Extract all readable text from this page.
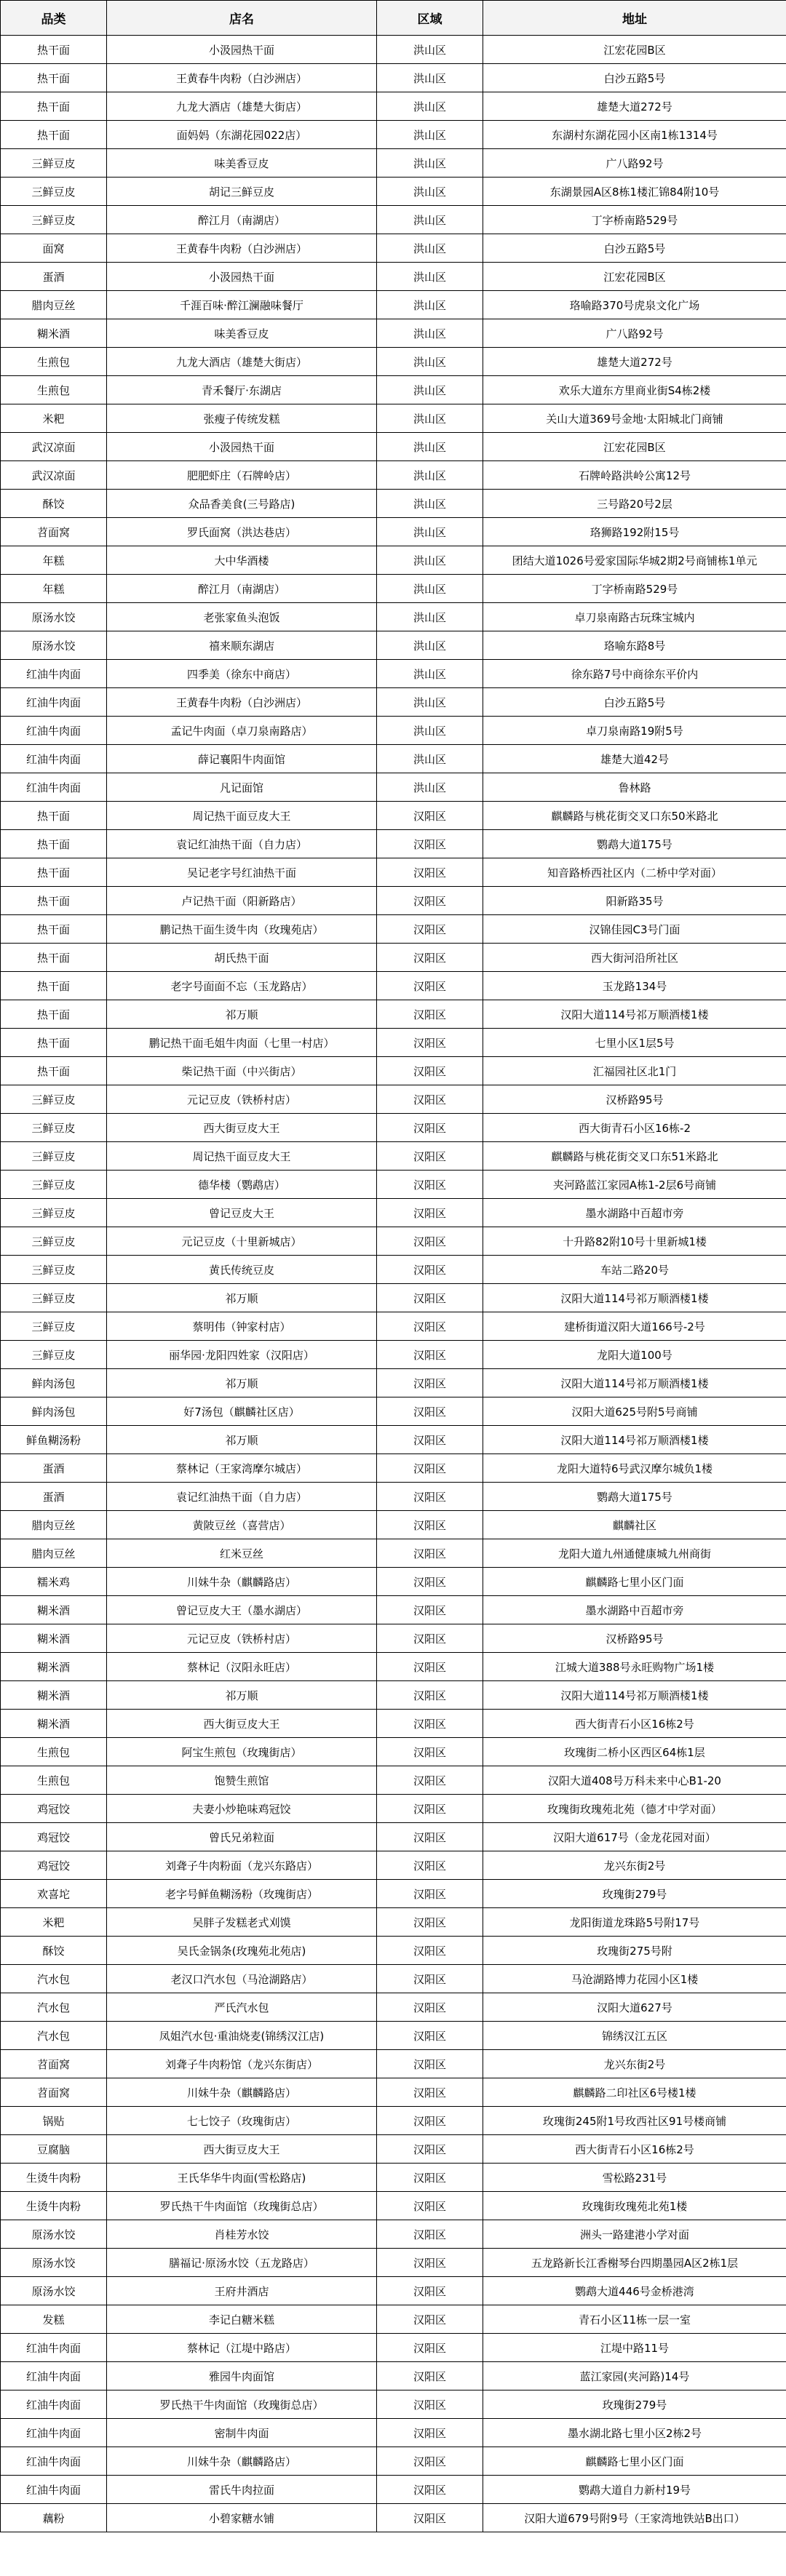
品类	店名	区域	地址
热干面	小汲园热干面	洪山区	江宏花园B区
热干面	王黄春牛肉粉（白沙洲店）	洪山区	白沙五路5号
热干面	九龙大酒店（雄楚大街店）	洪山区	雄楚大道272号
热干面	面妈妈（东湖花园022店）	洪山区	东湖村东湖花园小区南1栋1314号
三鲜豆皮	味美香豆皮	洪山区	广八路92号
三鲜豆皮	胡记三鲜豆皮	洪山区	东湖景园A区8栋1楼汇锦84附10号
三鲜豆皮	醉江月（南湖店）	洪山区	丁字桥南路529号
面窝	王黄春牛肉粉（白沙洲店）	洪山区	白沙五路5号
蛋酒	小汲园热干面	洪山区	江宏花园B区
腊肉豆丝	千涯百味·醉江澜融味餐厅	洪山区	珞喻路370号虎泉文化广场
糊米酒	味美香豆皮	洪山区	广八路92号
生煎包	九龙大酒店（雄楚大街店）	洪山区	雄楚大道272号
生煎包	青禾餐厅·东湖店	洪山区	欢乐大道东方里商业街S4栋2楼
米粑	张瘦子传统发糕	洪山区	关山大道369号金地·太阳城北门商铺
武汉凉面	小汲园热干面	洪山区	江宏花园B区
武汉凉面	肥肥虾庄（石牌岭店）	洪山区	石牌岭路洪岭公寓12号
酥饺	众品香美食(三号路店)	洪山区	三号路20号2层
苕面窝	罗氏面窝（洪达巷店）	洪山区	珞狮路192附15号
年糕	大中华酒楼	洪山区	团结大道1026号爱家国际华城2期2号商铺栋1单元
年糕	醉江月（南湖店）	洪山区	丁字桥南路529号
原汤水饺	老张家鱼头泡饭	洪山区	卓刀泉南路古玩珠宝城内
原汤水饺	禧来顺东湖店	洪山区	珞喻东路8号
红油牛肉面	四季美（徐东中商店）	洪山区	徐东路7号中商徐东平价内
红油牛肉面	王黄春牛肉粉（白沙洲店）	洪山区	白沙五路5号
红油牛肉面	孟记牛肉面（卓刀泉南路店）	洪山区	卓刀泉南路19附5号
红油牛肉面	薛记襄阳牛肉面馆	洪山区	雄楚大道42号
红油牛肉面	凡记面馆	洪山区	鲁林路
热干面	周记热干面豆皮大王	汉阳区	麒麟路与桃花街交叉口东50米路北
热干面	袁记红油热干面（自力店）	汉阳区	鹦鹉大道175号
热干面	吴记老字号红油热干面	汉阳区	知音路桥西社区内（二桥中学对面）
热干面	卢记热干面（阳新路店）	汉阳区	阳新路35号
热干面	鹏记热干面生烫牛肉（玫瑰苑店）	汉阳区	汉锦佳园C3号门面
热干面	胡氏热干面	汉阳区	西大街河沿所社区
热干面	老字号面面不忘（玉龙路店）	汉阳区	玉龙路134号
热干面	祁万顺	汉阳区	汉阳大道114号祁万顺酒楼1楼
热干面	鹏记热干面毛姐牛肉面（七里一村店）	汉阳区	七里小区1层5号
热干面	柴记热干面（中兴街店）	汉阳区	汇福园社区北1门
三鲜豆皮	元记豆皮（铁桥村店）	汉阳区	汉桥路95号
三鲜豆皮	西大街豆皮大王	汉阳区	西大街青石小区16栋-2
三鲜豆皮	周记热干面豆皮大王	汉阳区	麒麟路与桃花街交叉口东51米路北
三鲜豆皮	德华楼（鹦鹉店）	汉阳区	夹河路蓝江家园A栋1-2层6号商铺
三鲜豆皮	曾记豆皮大王	汉阳区	墨水湖路中百超市旁
三鲜豆皮	元记豆皮（十里新城店）	汉阳区	十升路82附10号十里新城1楼
三鲜豆皮	黄氏传统豆皮	汉阳区	车站二路20号
三鲜豆皮	祁万顺	汉阳区	汉阳大道114号祁万顺酒楼1楼
三鲜豆皮	蔡明伟（钟家村店）	汉阳区	建桥街道汉阳大道166号-2号
三鲜豆皮	丽华园·龙阳四姓家（汉阳店）	汉阳区	龙阳大道100号
鲜肉汤包	祁万顺	汉阳区	汉阳大道114号祁万顺酒楼1楼
鲜肉汤包	好7汤包（麒麟社区店）	汉阳区	汉阳大道625号附5号商铺
鲜鱼糊汤粉	祁万顺	汉阳区	汉阳大道114号祁万顺酒楼1楼
蛋酒	蔡林记（王家湾摩尔城店）	汉阳区	龙阳大道特6号武汉摩尔城负1楼
蛋酒	袁记红油热干面（自力店）	汉阳区	鹦鹉大道175号
腊肉豆丝	黄陂豆丝（喜营店）	汉阳区	麒麟社区
腊肉豆丝	红米豆丝	汉阳区	龙阳大道九州通健康城九州商街
糯米鸡	川妹牛杂（麒麟路店）	汉阳区	麒麟路七里小区门面
糊米酒	曾记豆皮大王（墨水湖店）	汉阳区	墨水湖路中百超市旁
糊米酒	元记豆皮（铁桥村店）	汉阳区	汉桥路95号
糊米酒	蔡林记（汉阳永旺店）	汉阳区	江城大道388号永旺购物广场1楼
糊米酒	祁万顺	汉阳区	汉阳大道114号祁万顺酒楼1楼
糊米酒	西大街豆皮大王	汉阳区	西大街青石小区16栋2号
生煎包	阿宝生煎包（玫瑰街店）	汉阳区	玫瑰街二桥小区西区64栋1层
生煎包	饱赞生煎馆	汉阳区	汉阳大道408号万科未来中心B1-20
鸡冠饺	夫妻小炒艳味鸡冠饺	汉阳区	玫瑰街玫瑰苑北苑（德才中学对面）
鸡冠饺	曾氏兄弟粒面	汉阳区	汉阳大道617号（金龙花园对面）
鸡冠饺	刘聋子牛肉粉面（龙兴东路店）	汉阳区	龙兴东街2号
欢喜坨	老字号鲜鱼糊汤粉（玫瑰街店）	汉阳区	玫瑰街279号
米粑	吴胖子发糕老式刈馍	汉阳区	龙阳街道龙珠路5号附17号
酥饺	吴氏金锅条(玫瑰苑北苑店)	汉阳区	玫瑰街275号附
汽水包	老汉口汽水包（马沧湖路店）	汉阳区	马沧湖路博力花园小区1楼
汽水包	严氏汽水包	汉阳区	汉阳大道627号
汽水包	凤姐汽水包·重油烧麦(锦绣汉江店)	汉阳区	锦绣汉江五区
苕面窝	刘聋子牛肉粉馆（龙兴东街店）	汉阳区	龙兴东街2号
苕面窝	川妹牛杂（麒麟路店）	汉阳区	麒麟路二印社区6号楼1楼
锅贴	七七饺子（玫瑰街店）	汉阳区	玫瑰街245附1号玫西社区91号楼商铺
豆腐脑	西大街豆皮大王	汉阳区	西大街青石小区16栋2号
生烫牛肉粉	王氏华华牛肉面(雪松路店)	汉阳区	雪松路231号
生烫牛肉粉	罗氏热干牛肉面馆（玫瑰街总店）	汉阳区	玫瑰街玫瑰苑北苑1楼
原汤水饺	肖桂芳水饺	汉阳区	洲头一路建港小学对面
原汤水饺	膳福记·原汤水饺（五龙路店）	汉阳区	五龙路新长江香榭琴台四期墨园A区2栋1层
原汤水饺	王府井酒店	汉阳区	鹦鹉大道446号金桥港湾
发糕	李记白糖米糕	汉阳区	青石小区11栋一层一室
红油牛肉面	蔡林记（江堤中路店）	汉阳区	江堤中路11号
红油牛肉面	雅园牛肉面馆	汉阳区	蓝江家园(夹河路)14号
红油牛肉面	罗氏热干牛肉面馆（玫瑰街总店）	汉阳区	玫瑰街279号
红油牛肉面	密制牛肉面	汉阳区	墨水湖北路七里小区2栋2号
红油牛肉面	川妹牛杂（麒麟路店）	汉阳区	麒麟路七里小区门面
红油牛肉面	雷氏牛肉拉面	汉阳区	鹦鹉大道自力新村19号
藕粉	小碧家糖水铺	汉阳区	汉阳大道679号附9号（王家湾地铁站B出口）
